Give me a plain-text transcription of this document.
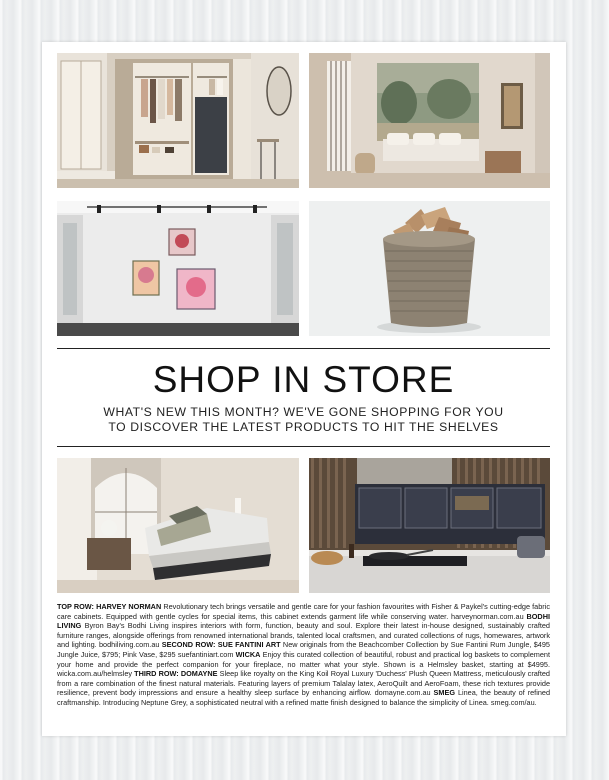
SHOP IN STORE
WHAT'S NEW THIS MONTH? WE'VE GONE SHOPPING FOR YOU
TO DISCOVER THE LATEST PRODUCTS TO HIT THE SHELVES
TOP ROW: HARVEY NORMAN Revolutionary tech brings versatile and gentle care for your fashion favourites with Fisher & Paykel's cutting-edge fabric care cabinets. Equipped with gentle cycles for special items, this cabinet extends garment life while conserving water. harveynorman.com.au BODHI LIVING Byron Bay's Bodhi Living inspires interiors with form, function, beauty and soul. Explore their latest in-house designed, sustainably crafted furniture ranges, alongside offerings from renowned international brands, talented local craftsmen, and curated collections of rugs, homewares, artwork and lighting. bodhiliving.com.au SECOND ROW: SUE FANTINI ART New originals from the Beachcomber Collection by Sue Fantini Rum Jungle, $495 Jungle Juice, $795; Pink Vase, $295 suefantiniart.com WICKA Enjoy this curated collection of beautiful, robust and practical log baskets to complement your home and provide the perfect companion for your fireplace, no matter what your style. Shown is a Helmsley basket, starting at $4995. wicka.com.au/helmsley THIRD ROW: DOMAYNE Sleep like royalty on the King Koil Royal Luxury 'Duchess' Plush Queen Mattress, meticulously crafted from a rare combination of the finest natural materials. Featuring layers of premium Talalay latex, AeroQuilt and AeroFoam, these rich textures provide resilience, prevent body impressions and ensure a healthy sleep surface by enhancing airflow. domayne.com.au SMEG Linea, the beauty of refined craftmanship. Introducing Neptune Grey, a sophisticated neutral with a refined matte finish designed to balance the simplicity of Linea. smeg.com/au.
